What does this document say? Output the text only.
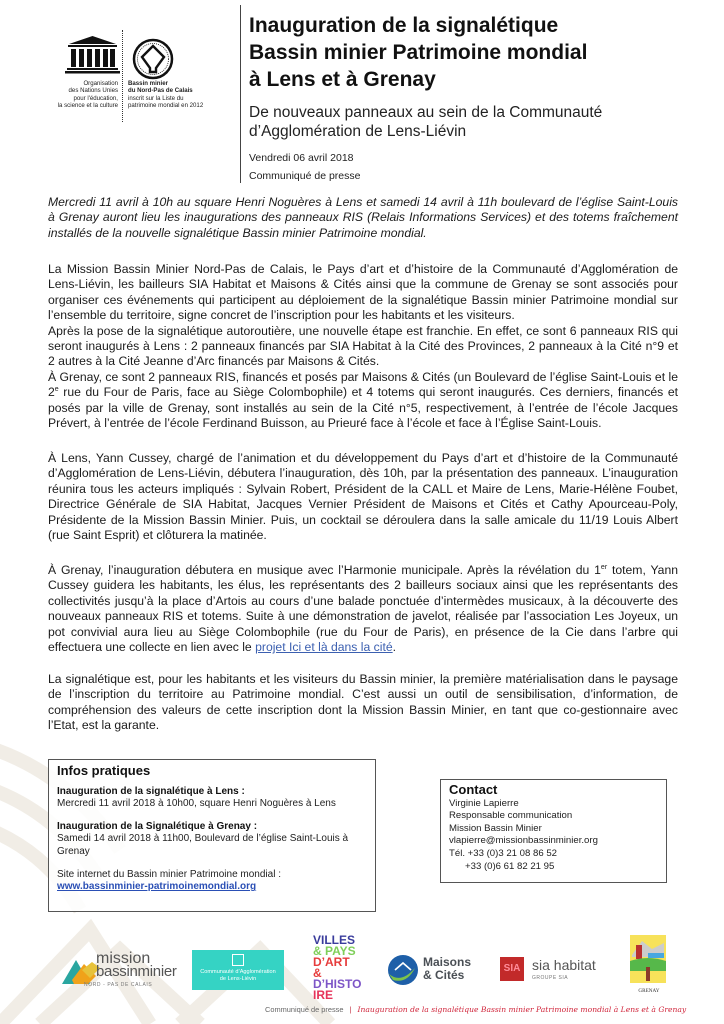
Organisation
des Nations Unies
pour l'éducation,
la science et la culture
Bassin minier
du Nord-Pas de Calais
inscrit sur la Liste du
patrimoine mondial en 2012
Inauguration de la signalétique
Bassin minier Patrimoine mondial
à Lens et à Grenay
De nouveaux panneaux au sein de la Communauté
d’Agglomération de Lens-Liévin
Vendredi 06 avril 2018
Communiqué de presse
Mercredi 11 avril à 10h au square Henri Noguères à Lens et samedi 14 avril à 11h boulevard de l’église Saint-Louis à Grenay auront lieu les inaugurations des panneaux RIS (Relais Informations Services) et des totems fraîchement installés de la nouvelle signalétique Bassin minier Patrimoine mondial.

La Mission Bassin Minier Nord-Pas de Calais, le Pays d’art et d’histoire de la Communauté d’Agglomération de Lens-Liévin, les bailleurs SIA Habitat et Maisons & Cités ainsi que la commune de Grenay se sont associés pour organiser ces événements qui participent au déploiement de la signalétique Bassin minier Patrimoine mondial sur l’ensemble du territoire, signe concret de l’inscription pour les habitants et les visiteurs.

Après la pose de la signalétique autoroutière, une nouvelle étape est franchie. En effet, ce sont 6 panneaux RIS qui seront inaugurés à Lens : 2 panneaux financés par SIA Habitat à la Cité des Provinces, 2 panneaux à la Cité n°9 et 2 autres à la Cité Jeanne d’Arc financés par Maisons & Cités.

À Grenay, ce sont 2 panneaux RIS, financés et posés par Maisons & Cités (un Boulevard de l’église Saint-Louis et le 2e rue du Four de Paris, face au Siège Colombophile) et 4 totems qui seront inaugurés. Ces derniers, financés et posés par la ville de Grenay, sont installés au sein de la Cité n°5, respectivement, à l’entrée de l’école Jacques Prévert, à l’entrée de l’école Ferdinand Buisson, au Prieuré face à l’école et face à l’Église Saint-Louis.

À Lens, Yann Cussey, chargé de l’animation et du développement du Pays d’art et d’histoire de la Communauté d’Agglomération de Lens-Liévin, débutera l’inauguration, dès 10h, par la présentation des panneaux. L’inauguration réunira tous les acteurs impliqués : Sylvain Robert, Président de la CALL et Maire de Lens, Marie-Hélène Foubet, Directrice Générale de SIA Habitat, Jacques Vernier Président de Maisons et Cités et Cathy Apourceau-Poly, Présidente de la Mission Bassin Minier. Puis, un cocktail se déroulera dans la salle amicale du 11/19 Louis Albert (rue Saint Esprit) et clôturera la matinée.
À Grenay, l’inauguration débutera en musique avec l’Harmonie municipale. Après la révélation du 1er totem, Yann Cussey guidera les habitants, les élus, les représentants des 2 bailleurs sociaux ainsi que les représentants des collectivités jusqu’à la place d’Artois au cours d’une balade ponctuée d’intermèdes musicaux, à la découverte des nouveaux panneaux RIS et totems. Suite à une démonstration de javelot, réalisée par l’association Les Joyeux, un pot convivial aura lieu au Siège Colombophile (rue du Four de Paris), en présence de la Cie dans l’arbre qui effectuera une collecte en lien avec le projet Ici et là dans la cité.
La signalétique est, pour les habitants et les visiteurs du Bassin minier, la première matérialisation dans le paysage de l’inscription du territoire au Patrimoine mondial. C’est aussi un outil de sensibilisation, d’information, de compréhension des valeurs de cette inscription dont la Mission Bassin Minier, en tant que co-gestionnaire avec l’Etat, est la garante.
Infos pratiques
Inauguration de la signalétique à Lens :
Mercredi 11 avril 2018 à 10h00, square Henri Noguères à Lens
Inauguration de la Signalétique à Grenay :
Samedi 14 avril 2018 à 11h00, Boulevard de l’église Saint-Louis à Grenay
Site internet du Bassin minier Patrimoine mondial :
www.bassinminier-patrimoinemondial.org
Contact
Virginie Lapierre
Responsable communication
Mission Bassin Minier
vlapierre@missionbassinminier.org
Tél. +33 (0)3 21 08 86 52
+33 (0)6 61 82 21 95
mission
bassinminier
NORD - PAS DE CALAIS
Communauté d’Agglomération
de Lens-Liévin
VILLES
& PAYS
D’ART &
D’HISTO
IRE
Maisons
& Cités	SIA sia habitat
GROUPE SIA
GRENAY
Communiqué de presse | Inauguration de la signalétique Bassin minier Patrimoine mondial à Lens et à Grenay
